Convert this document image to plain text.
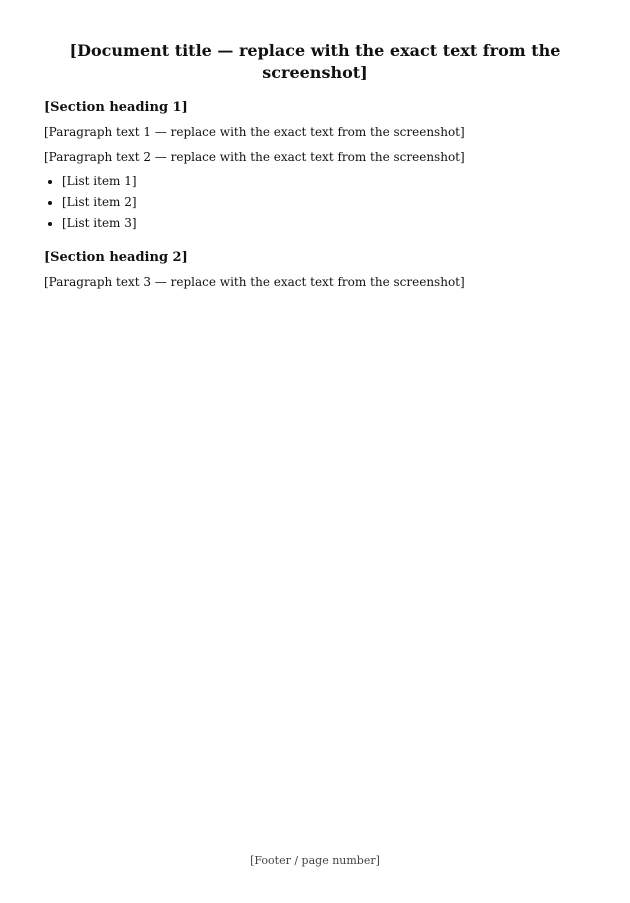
[Document title — replace with the exact text from the screenshot]
[Section heading 1]

[Paragraph text 1 — replace with the exact text from the screenshot]

[Paragraph text 2 — replace with the exact text from the screenshot]

• [List item 1]
• [List item 2]
• [List item 3]
[Section heading 2]

[Paragraph text 3 — replace with the exact text from the screenshot]

[Footer / page number]
